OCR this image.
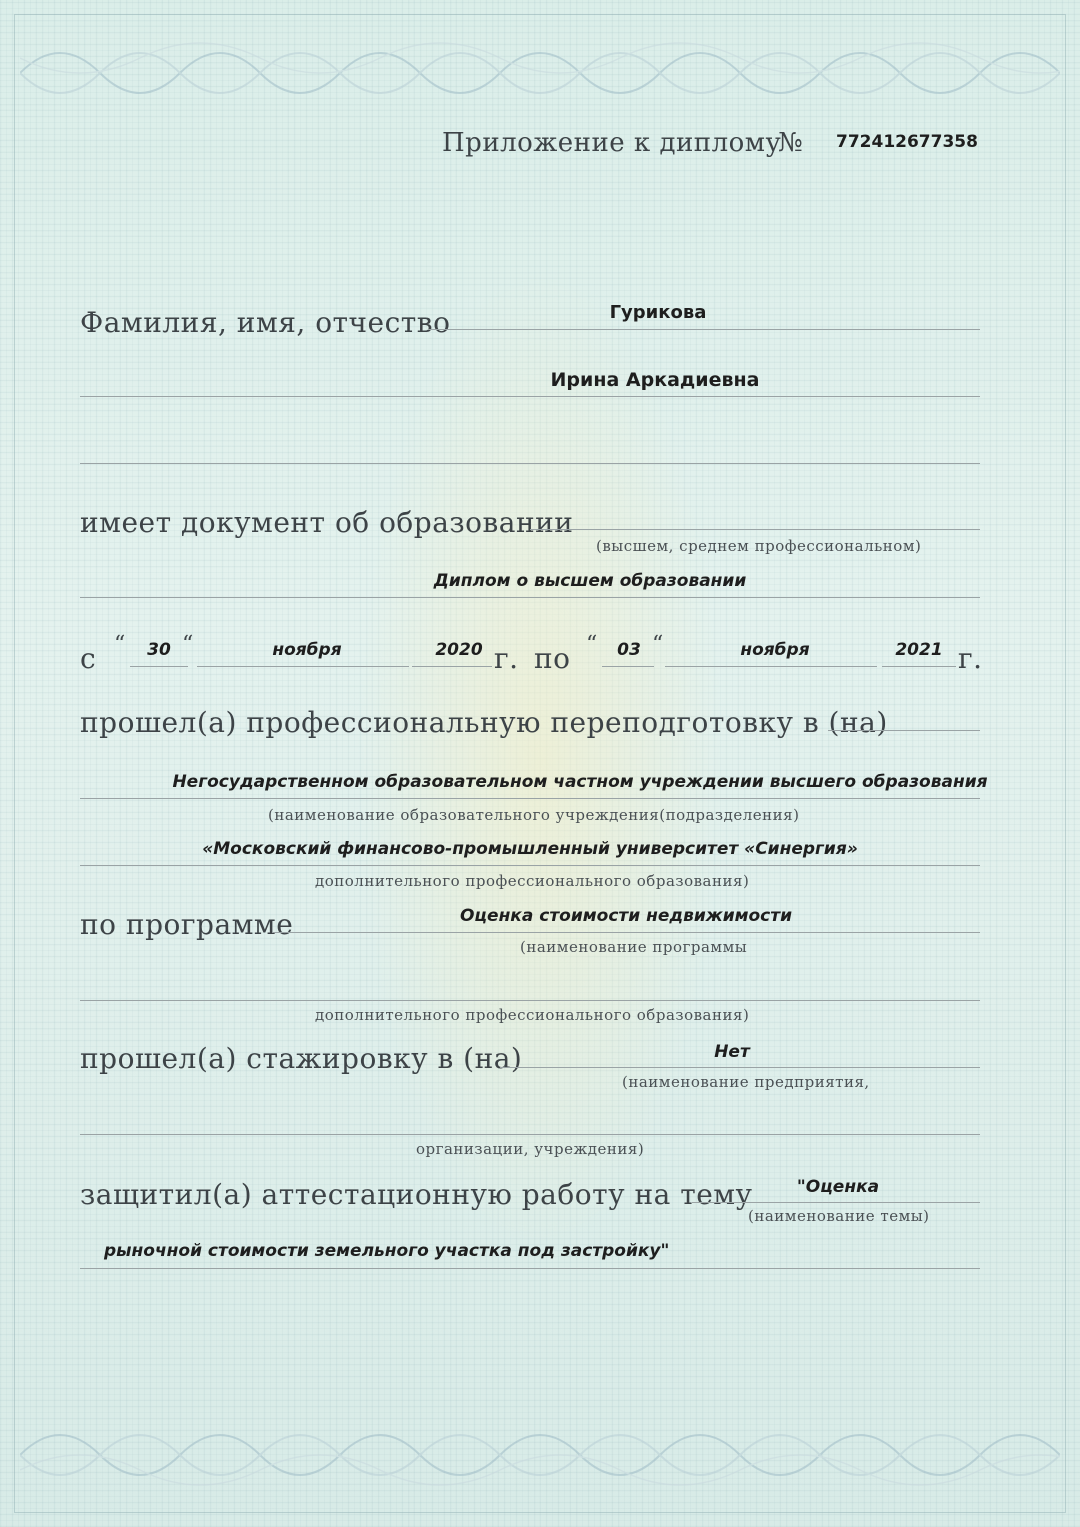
Приложение к диплому
№ 772412677358
Фамилия, имя, отчество	Гурикова
Ирина Аркадиевна
имеет документ об образовании
(высшем, среднем профессиональном)
Диплом о высшем образовании
с “	30 “	ноября	2020 г. по “	03 “	ноября	2021 г.
прошел(а) профессиональную переподготовку в (на)
Негосударственном образовательном частном учреждении высшего образования
(наименование образовательного учреждения(подразделения)
«Московский финансово-промышленный университет «Синергия»
дополнительного профессионального образования)
по программе	Оценка стоимости недвижимости
(наименование программы
дополнительного профессионального образования)
прошел(а) стажировку в (на)	Нет
(наименование предприятия,
организации, учреждения)
защитил(а) аттестационную работу на тему	"Оценка
(наименование темы)
рыночной стоимости земельного участка под застройку"
